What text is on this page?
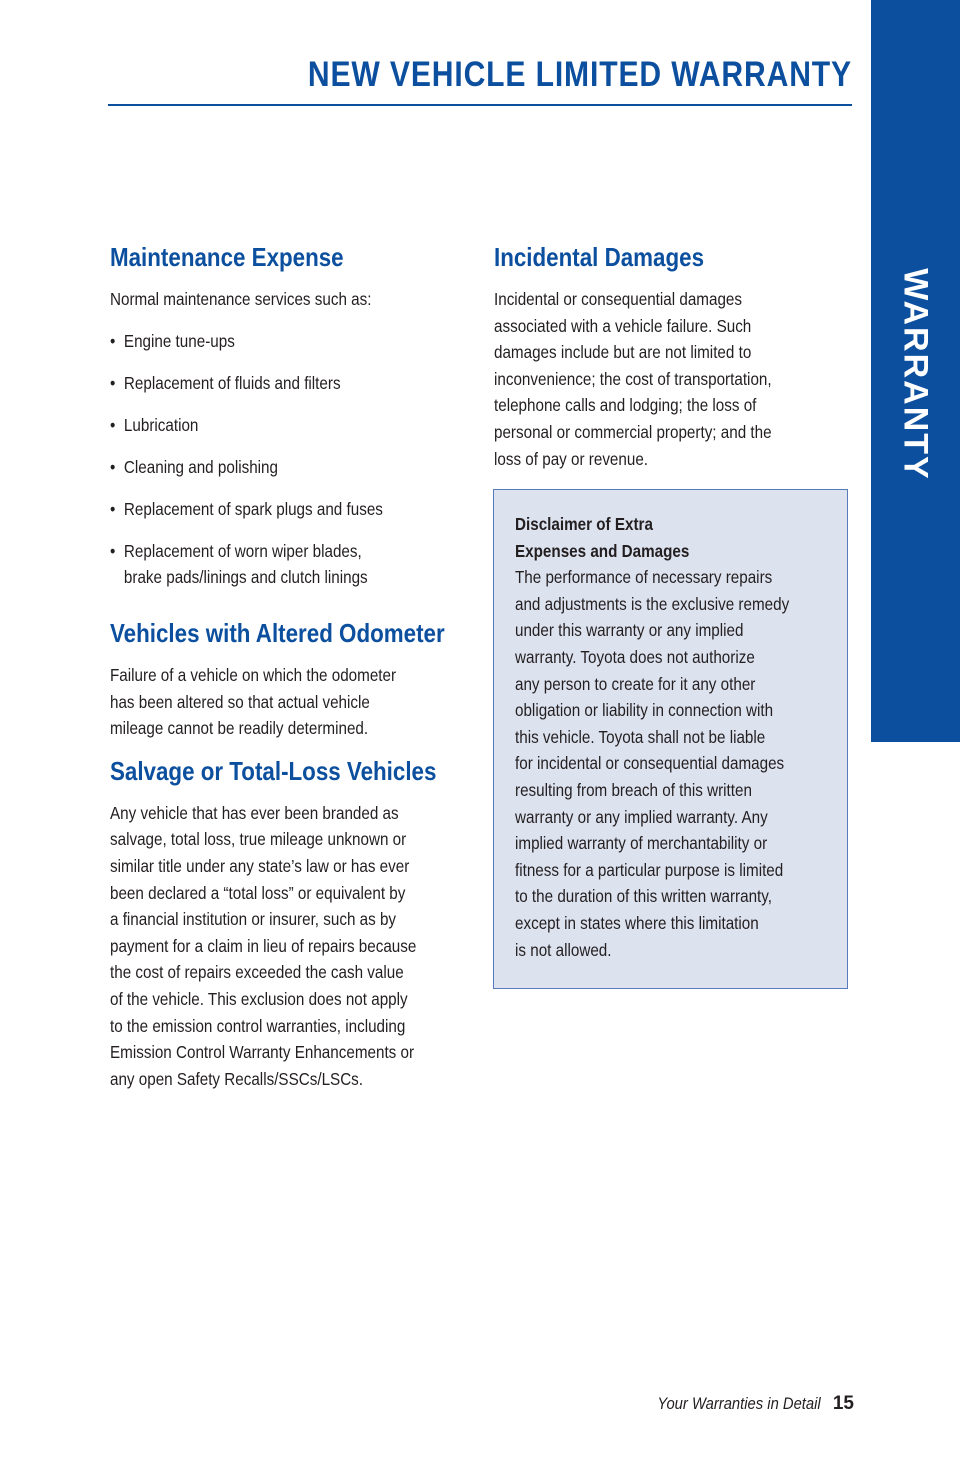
NEW VEHICLE LIMITED WARRANTY
WARRANTY
Maintenance Expense

Normal maintenance services such as:

• Engine tune-ups
• Replacement of fluids and filters
• Lubrication
• Cleaning and polishing
• Replacement of spark plugs and fuses
• Replacement of worn wiper blades,
brake pads/linings and clutch linings
Vehicles with Altered Odometer

Failure of a vehicle on which the odometer
has been altered so that actual vehicle
mileage cannot be readily determined.

Salvage or Total-Loss Vehicles

Any vehicle that has ever been branded as
salvage, total loss, true mileage unknown or
similar title under any state’s law or has ever
been declared a “total loss” or equivalent by
a financial institution or insurer, such as by
payment for a claim in lieu of repairs because
the cost of repairs exceeded the cash value
of the vehicle. This exclusion does not apply
to the emission control warranties, including
Emission Control Warranty Enhancements or
any open Safety Recalls/SSCs/LSCs.

Incidental Damages

Incidental or consequential damages
associated with a vehicle failure. Such
damages include but are not limited to
inconvenience; the cost of transportation,
telephone calls and lodging; the loss of
personal or commercial property; and the
loss of pay or revenue.

Disclaimer of Extra
Expenses and Damages

The performance of necessary repairs
and adjustments is the exclusive remedy
under this warranty or any implied
warranty. Toyota does not authorize
any person to create for it any other
obligation or liability in connection with
this vehicle. Toyota shall not be liable
for incidental or consequential damages
resulting from breach of this written
warranty or any implied warranty. Any
implied warranty of merchantability or
fitness for a particular purpose is limited
to the duration of this written warranty,
except in states where this limitation
is not allowed.

Your Warranties in Detail 15
